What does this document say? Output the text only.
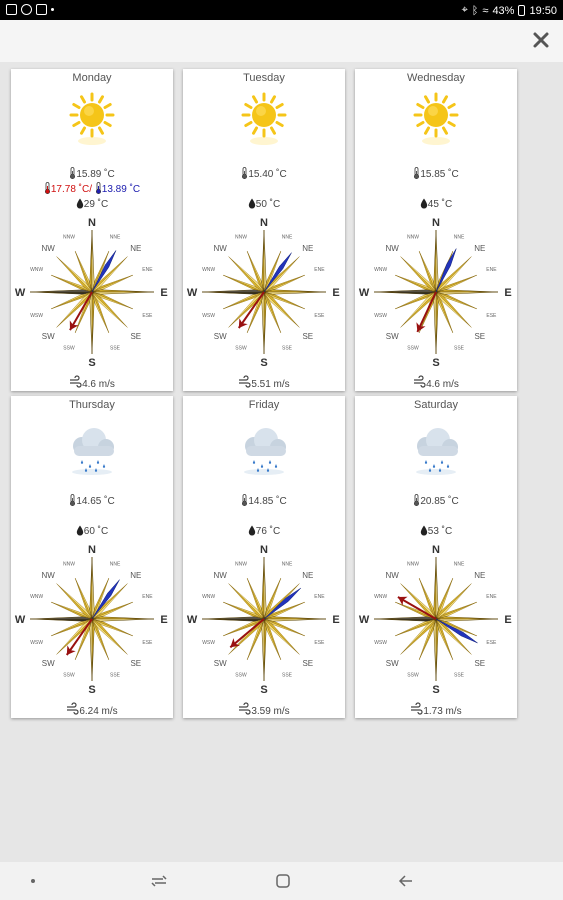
⌖ ᛒ ≈ 43% 19:50
Monday
15.89 ˚C
17.78 ˚C/ 13.89 ˚C
29 ˚C
N
E
S
W
NE
SE
SW
NW
NNE
ENE
ESE
SSE
SSW
WSW
WNW
NNW
4.6 m/s
Tuesday
15.40 ˚C
50 ˚C
N
E
S
W
NE
SE
SW
NW
NNE
ENE
ESE
SSE
SSW
WSW
WNW
NNW
5.51 m/s
Wednesday
15.85 ˚C
45 ˚C
N
E
S
W
NE
SE
SW
NW
NNE
ENE
ESE
SSE
SSW
WSW
WNW
NNW
4.6 m/s
Thursday
14.65 ˚C
60 ˚C
N
E
S
W
NE
SE
SW
NW
NNE
ENE
ESE
SSE
SSW
WSW
WNW
NNW
6.24 m/s
Friday
14.85 ˚C
76 ˚C
N
E
S
W
NE
SE
SW
NW
NNE
ENE
ESE
SSE
SSW
WSW
WNW
NNW
3.59 m/s
Saturday
20.85 ˚C
53 ˚C
N
E
S
W
NE
SE
SW
NW
NNE
ENE
ESE
SSE
SSW
WSW
WNW
NNW
1.73 m/s
